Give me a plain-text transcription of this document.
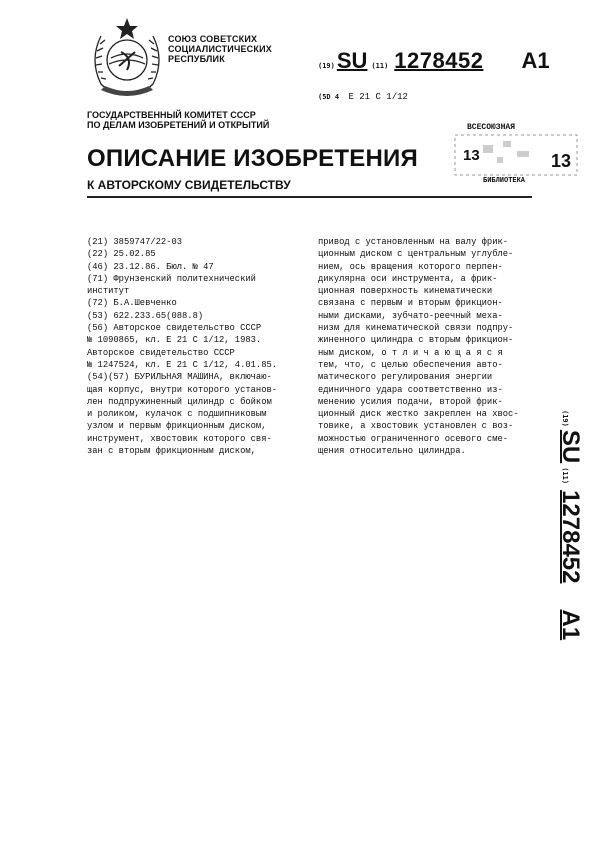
СОЮЗ СОВЕТСКИХ
СОЦИАЛИСТИЧЕСКИХ
РЕСПУБЛИК
(19) SU (11) 1278452 A1
(5D 4 E 21 C 1/12
ГОСУДАРСТВЕННЫЙ КОМИТЕТ СССР
ПО ДЕЛАМ ИЗОБРЕТЕНИЙ И ОТКРЫТИЙ	ВСЕСОЮЗНАЯ
13	13
БИБЛИОТЕКА
ОПИСАНИЕ ИЗОБРЕТЕНИЯ
К АВТОРСКОМУ СВИДЕТЕЛЬСТВУ
(21) 3859747/22-03
(22) 25.02.85
(46) 23.12.86. Бюл. № 47
(71) Фрунзенский политехнический
институт
(72) Б.А.Шевченко
(53) 622.233.65(088.8)
(56) Авторское свидетельство СССР
№ 1090865, кл. Е 21 С 1/12, 1983.
Авторское свидетельство СССР
№ 1247524, кл. Е 21 С 1/12, 4.01.85.
(54)(57) БУРИЛЬНАЯ МАШИНА, включаю-
щая корпус, внутри которого установ-
лен подпружиненный цилиндр с бойком
и роликом, кулачок с подшипниковым
узлом и первым фрикционным диском,
инструмент, хвостовик которого свя-
зан с вторым фрикционным диском,
привод с установленным на валу фрик-
ционным диском с центральным углубле-
нием, ось вращения которого перпен-
дикулярна оси инструмента, а фрик-
ционная поверхность кинематически
связана с первым и вторым фрикцион-
ными дисками, зубчато-реечный меха-
низм для кинематической связи подпру-
жиненного цилиндра с вторым фрикцион-
ным диском, о т л и ч а ю щ а я с я
тем, что, с целью обеспечения авто-
матического регулирования энергии
единичного удара соответственно из-
менению усилия подачи, второй фрик-
ционный диск жестко закреплен на хвос-
товике, а хвостовик установлен с воз-
можностью ограниченного осевого сме-
щения относительно цилиндра.
(19)
SU
(11)
1278452
A1
